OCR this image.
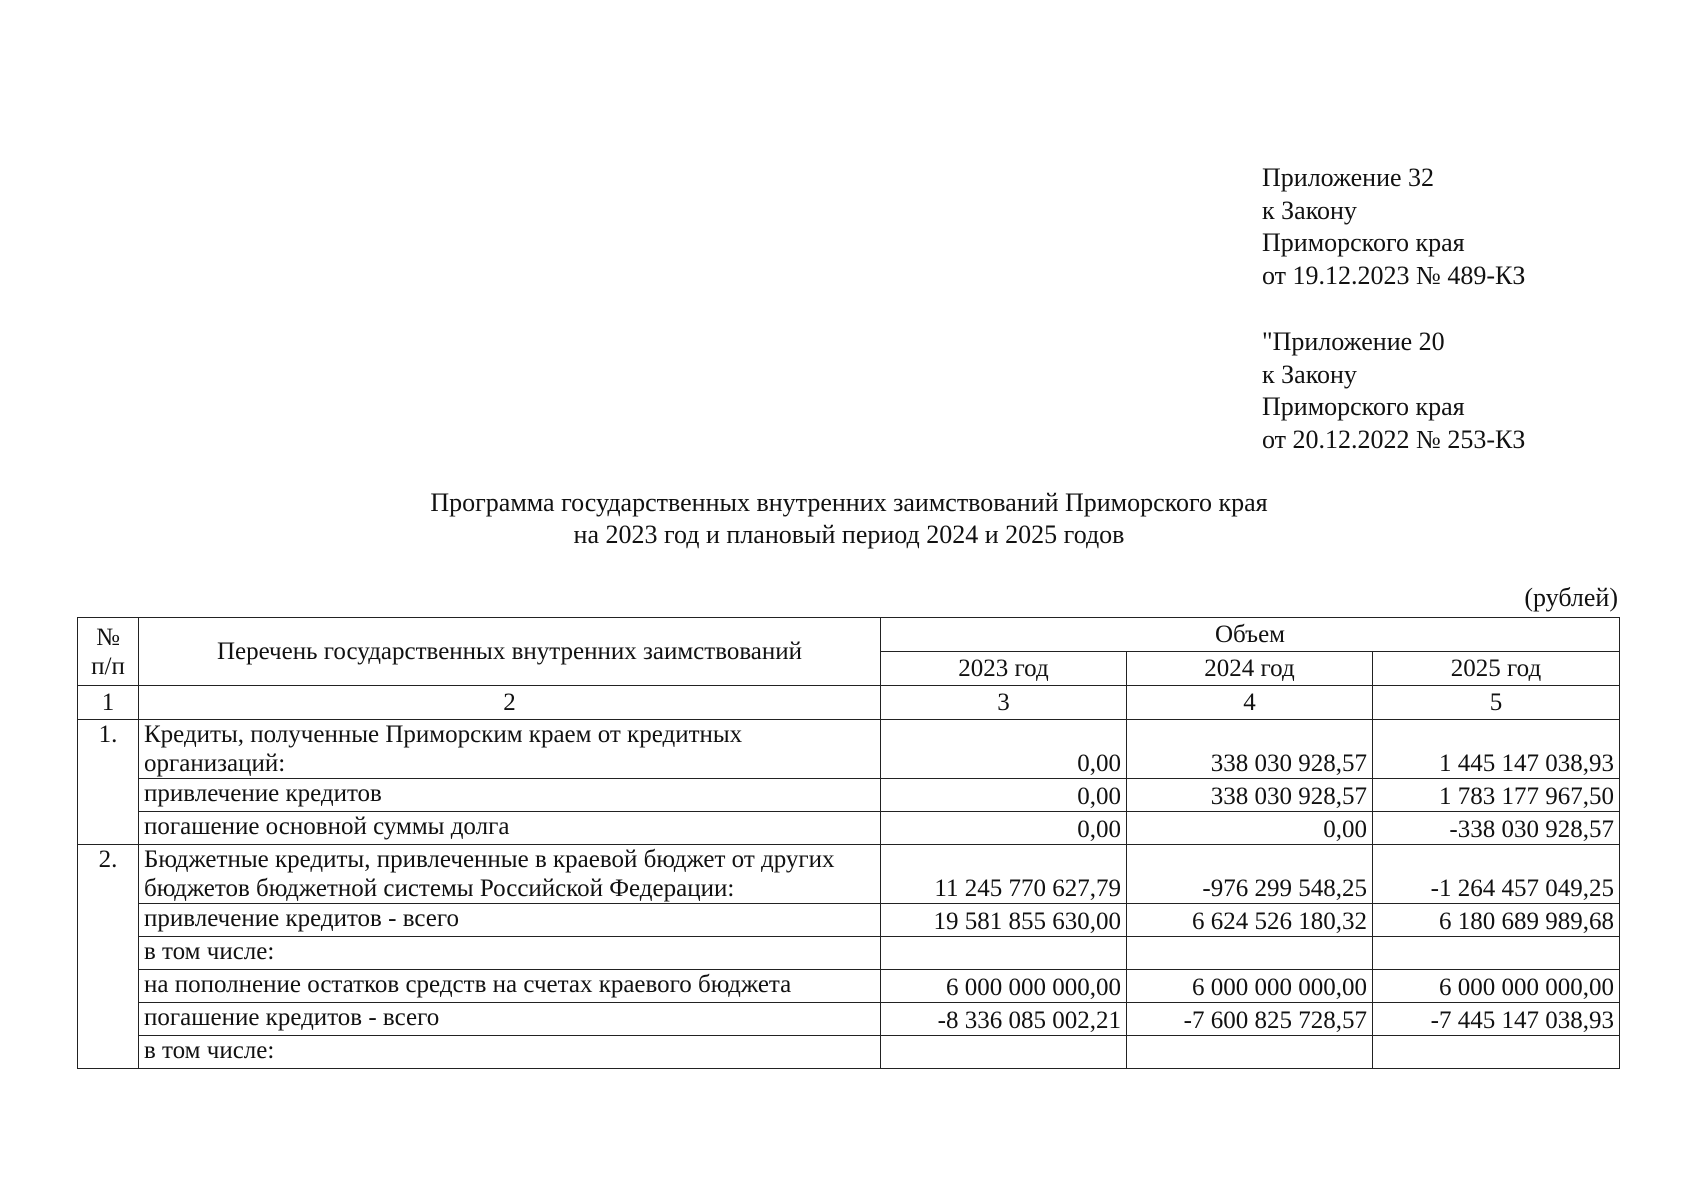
Приложение 32
к Закону
Приморского края
от 19.12.2023 № 489-КЗ
"Приложение 20
к Закону
Приморского края
от 20.12.2022 № 253-КЗ
Программа государственных внутренних заимствований Приморского края
на 2023 год и плановый период 2024 и 2025 годов
(рублей)
№ п/п	Перечень государственных внутренних заимствований	Объем		
		2023 год	2024 год	2025 год
1	2	3	4	5
1.	Кредиты, полученные Приморским краем от кредитных организаций:	0,00	338 030 928,57	1 445 147 038,93
	привлечение кредитов	0,00	338 030 928,57	1 783 177 967,50
	погашение основной суммы долга	0,00	0,00	-338 030 928,57
2.	Бюджетные кредиты, привлеченные в краевой бюджет от других бюджетов бюджетной системы Российской Федерации:	11 245 770 627,79	-976 299 548,25	-1 264 457 049,25
	привлечение кредитов - всего	19 581 855 630,00	6 624 526 180,32	6 180 689 989,68
	в том числе:			
	на пополнение остатков средств на счетах краевого бюджета	6 000 000 000,00	6 000 000 000,00	6 000 000 000,00
	погашение кредитов - всего	-8 336 085 002,21	-7 600 825 728,57	-7 445 147 038,93
	в том числе:			
